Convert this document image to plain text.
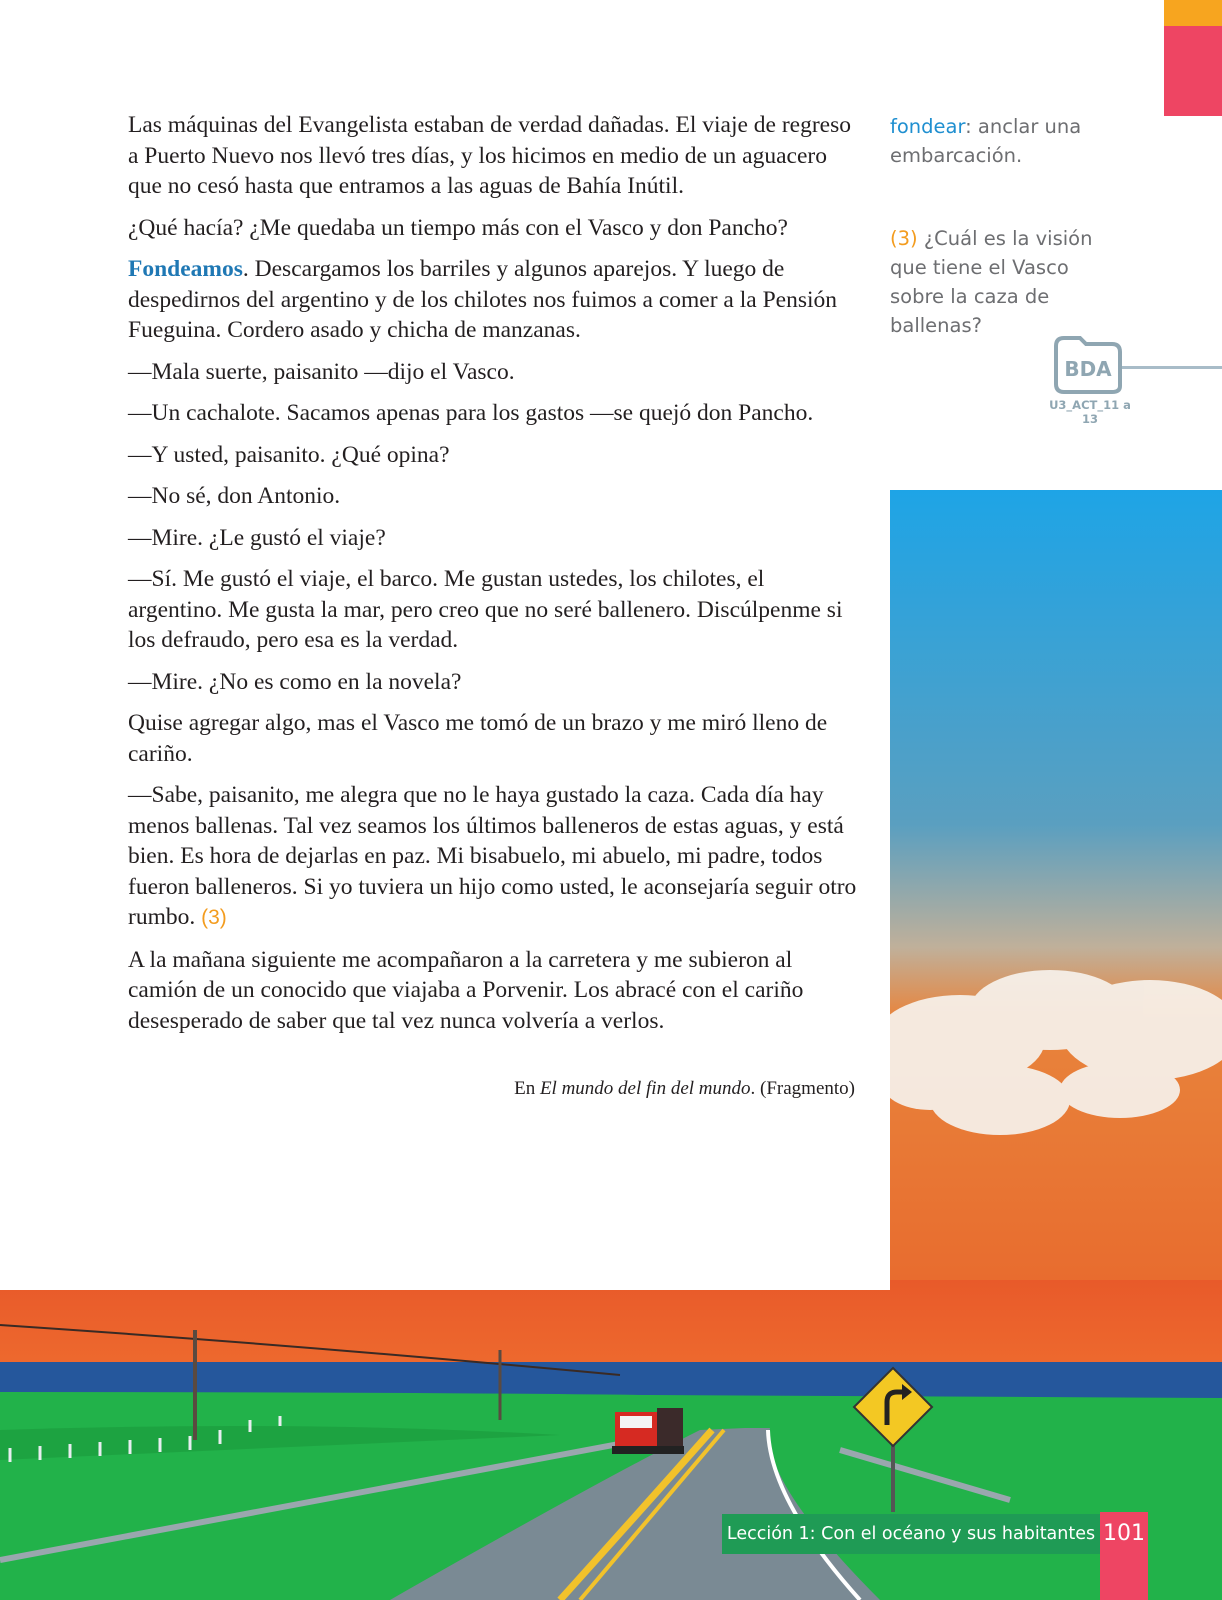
Las máquinas del Evangelista estaban de verdad dañadas. El viaje de regreso a Puerto Nuevo nos llevó tres días, y los hicimos en medio de un aguacero que no cesó hasta que entramos a las aguas de Bahía Inútil.

¿Qué hacía? ¿Me quedaba un tiempo más con el Vasco y don Pancho?

Fondeamos. Descargamos los barriles y algunos aparejos. Y luego de despedirnos del argentino y de los chilotes nos fuimos a comer a la Pensión Fueguina. Cordero asado y chicha de manzanas.

—Mala suerte, paisanito —dijo el Vasco.

—Un cachalote. Sacamos apenas para los gastos —se quejó don Pancho.

—Y usted, paisanito. ¿Qué opina?

—No sé, don Antonio.

—Mire. ¿Le gustó el viaje?

—Sí. Me gustó el viaje, el barco. Me gustan ustedes, los chilotes, el argentino. Me gusta la mar, pero creo que no seré ballenero. Discúlpenme si los defraudo, pero esa es la verdad.

—Mire. ¿No es como en la novela?

Quise agregar algo, mas el Vasco me tomó de un brazo y me miró lleno de cariño.

—Sabe, paisanito, me alegra que no le haya gustado la caza. Cada día hay menos ballenas. Tal vez seamos los últimos balleneros de estas aguas, y está bien. Es hora de dejarlas en paz. Mi bisabuelo, mi abuelo, mi padre, todos fueron balleneros. Si yo tuviera un hijo como usted, le aconsejaría seguir otro rumbo. (3)

A la mañana siguiente me acompañaron a la carretera y me subieron al camión de un conocido que viajaba a Porvenir. Los abracé con el cariño desesperado de saber que tal vez nunca volvería a verlos.

En El mundo del fin del mundo. (Fragmento)

fondear: anclar una embarcación.

(3) ¿Cuál es la visión que tiene el Vasco sobre la caza de ballenas?

BDA
U3_ACT_11 a 13
Lección 1: Con el océano y sus habitantes 101
